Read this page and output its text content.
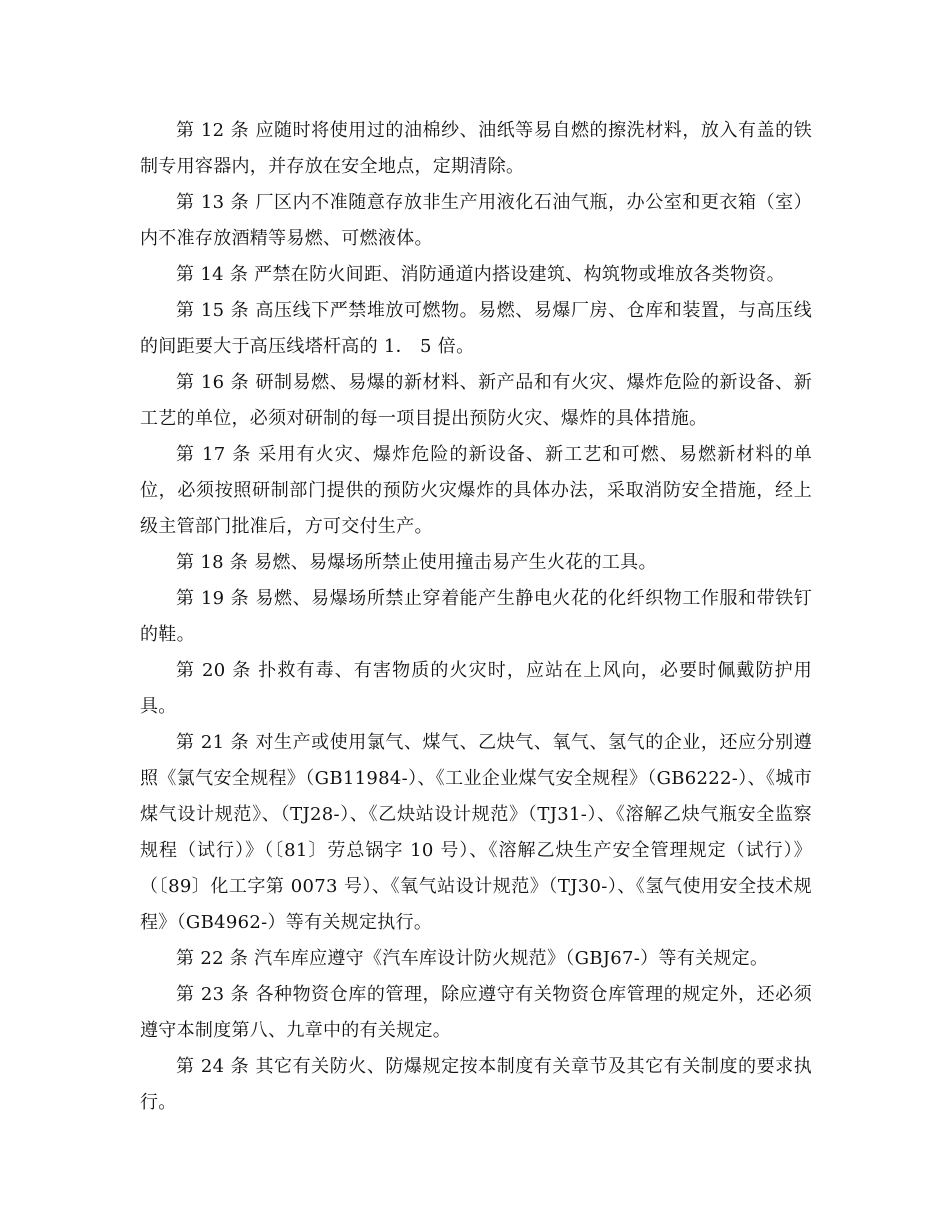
第 12 条 应随时将使用过的油棉纱、油纸等易自燃的擦洗材料，放入有盖的铁制专用容器内，并存放在安全地点，定期清除。

第 13 条 厂区内不准随意存放非生产用液化石油气瓶，办公室和更衣箱（室）内不准存放酒精等易燃、可燃液体。

第 14 条 严禁在防火间距、消防通道内搭设建筑、构筑物或堆放各类物资。

第 15 条 高压线下严禁堆放可燃物。易燃、易爆厂房、仓库和装置，与高压线的间距要大于高压线塔杆高的 1． 5 倍。

第 16 条 研制易燃、易爆的新材料、新产品和有火灾、爆炸危险的新设备、新工艺的单位，必须对研制的每一项目提出预防火灾、爆炸的具体措施。

第 17 条 采用有火灾、爆炸危险的新设备、新工艺和可燃、易燃新材料的单位，必须按照研制部门提供的预防火灾爆炸的具体办法，采取消防安全措施，经上级主管部门批准后，方可交付生产。

第 18 条 易燃、易爆场所禁止使用撞击易产生火花的工具。

第 19 条 易燃、易爆场所禁止穿着能产生静电火花的化纤织物工作服和带铁钉的鞋。

第 20 条 扑救有毒、有害物质的火灾时，应站在上风向，必要时佩戴防护用具。

第 21 条 对生产或使用氯气、煤气、乙炔气、氧气、氢气的企业，还应分别遵照《氯气安全规程》（GB11984-）、《工业企业煤气安全规程》（GB6222-）、《城市煤气设计规范》、（TJ28-）、《乙炔站设计规范》（TJ31-）、《溶解乙炔气瓶安全监察规程（试行）》（〔81〕劳总锅字 10 号）、《溶解乙炔生产安全管理规定（试行）》（〔89〕化工字第 0073 号）、《氧气站设计规范》（TJ30-）、《氢气使用安全技术规程》（GB4962-）等有关规定执行。

第 22 条 汽车库应遵守《汽车库设计防火规范》（GBJ67-）等有关规定。

第 23 条 各种物资仓库的管理，除应遵守有关物资仓库管理的规定外，还必须遵守本制度第八、九章中的有关规定。

第 24 条 其它有关防火、防爆规定按本制度有关章节及其它有关制度的要求执行。
